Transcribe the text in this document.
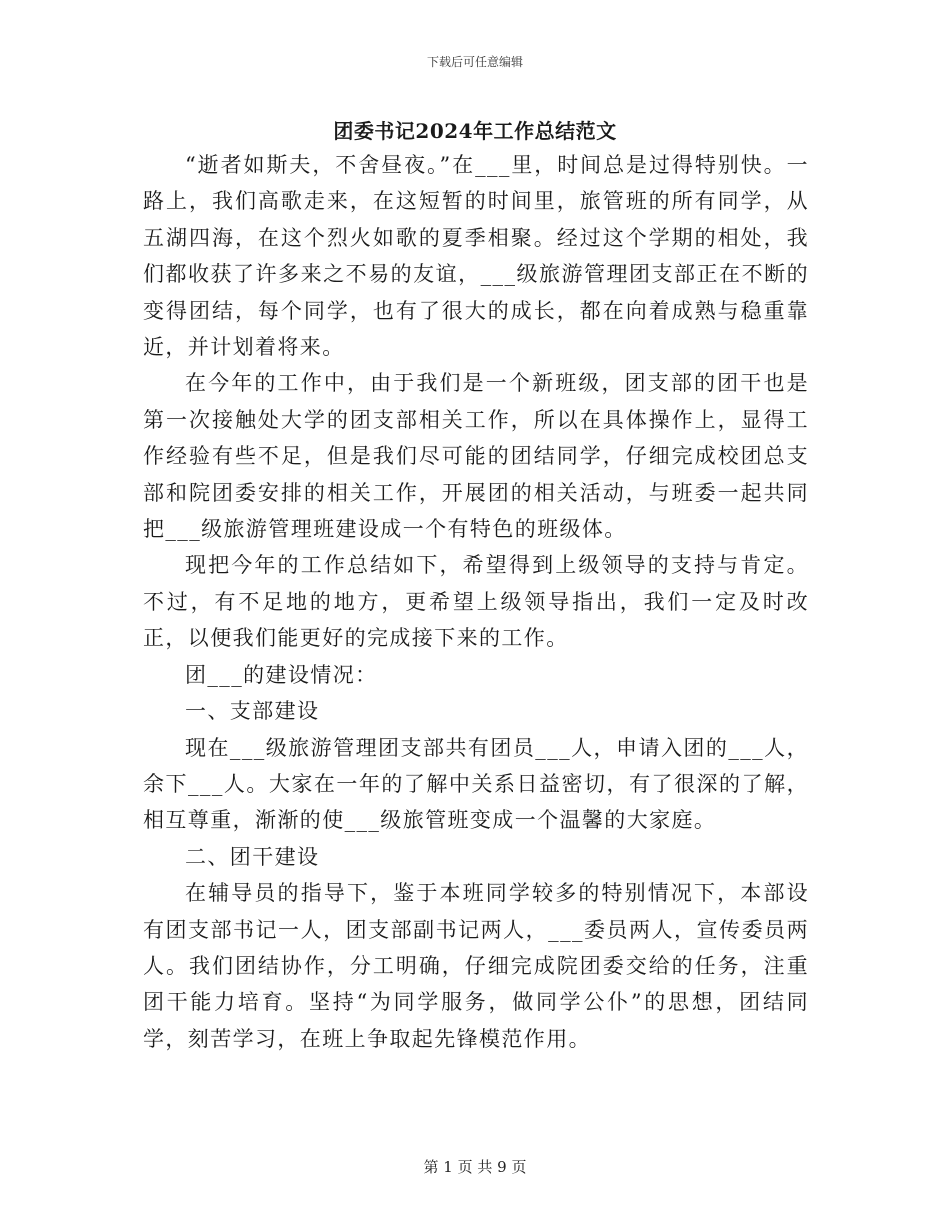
下载后可任意编辑
团委书记2024年工作总结范文

“逝者如斯夫，不舍昼夜。”在___里，时间总是过得特别快。一路上，我们高歌走来，在这短暂的时间里，旅管班的所有同学，从五湖四海，在这个烈火如歌的夏季相聚。经过这个学期的相处，我们都收获了许多来之不易的友谊，___级旅游管理团支部正在不断的变得团结，每个同学，也有了很大的成长，都在向着成熟与稳重靠近，并计划着将来。

在今年的工作中，由于我们是一个新班级，团支部的团干也是第一次接触处大学的团支部相关工作，所以在具体操作上，显得工作经验有些不足，但是我们尽可能的团结同学，仔细完成校团总支部和院团委安排的相关工作，开展团的相关活动，与班委一起共同把___级旅游管理班建设成一个有特色的班级体。

现把今年的工作总结如下，希望得到上级领导的支持与肯定。不过，有不足地的地方，更希望上级领导指出，我们一定及时改正，以便我们能更好的完成接下来的工作。

团___的建设情况：

一、支部建设

现在___级旅游管理团支部共有团员___人，申请入团的___人，余下___人。大家在一年的了解中关系日益密切，有了很深的了解，相互尊重，渐渐的使___级旅管班变成一个温馨的大家庭。

二、团干建设

在辅导员的指导下，鉴于本班同学较多的特别情况下，本部设有团支部书记一人，团支部副书记两人，___委员两人，宣传委员两人。我们团结协作，分工明确，仔细完成院团委交给的任务，注重团干能力培育。坚持“为同学服务，做同学公仆”的思想，团结同学，刻苦学习，在班上争取起先锋模范作用。

第 1 页 共 9 页
